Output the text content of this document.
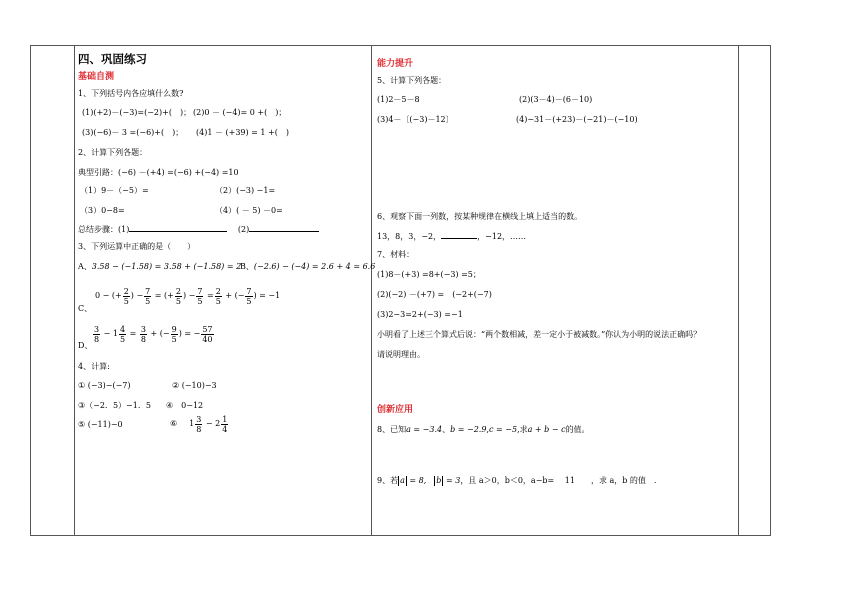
四、巩固练习
基础自测
1、下列括号内各应填什么数?
(1)(+2)－(−3)=(−2)+(　)； (2)0 － (−4)= 0 +(　)；
(3)(−6)－ 3 =(−6)+(　)； (4)1 － (+39) = 1 +(　)
2、计算下列各题：
典型引路：(−6) －(+4) =(−6) +(−4) =10
（1）9－（−5）=	（2）(−3) −1=
（3）0−8=	（4）( － 5) －0=
总结步骤：(1)	(2)
3、下列运算中正确的是（　　）
A、3.58 − (−1.58) = 3.58 + (−1.58) = 2
B、(−2.6) − (−4) = 2.6 + 4 = 6.6
0 − (+ $\frac{2}{5}$ ) − $\frac{7}{5}$ = (+ $\frac{2}{5}$ ) − $\frac{7}{5} = \frac{2}{5}$ + (− $\frac{7}{5}$ ) = −1
C、
$\frac{3}{8} - 1 \frac{4}{5} = \frac{3}{8}$ + (− $\frac{9}{5}$ ) = − $\frac{57}{40}$
D、
4、计算:
① (−3)−(−7)	② (−10)−3
③（−2．5）−1．5 ④　0−12
⑤ (−11)−0	⑥ $1 \frac{3}{8} - 2 \frac{1}{4}$
能力提升
5、计算下列各题：
(1)2－5－8	(2)(3－4)－(6－10)
(3)4－〔(−3)－12〕	(4)−31－(+23)－(−21)－(−10)
6、观察下面一列数，按某种规律在横线上填上适当的数。
13，8，3，−2，	，−12，……
7、材料：
(1)8－(+3) =8+(−3) =5；
(2)(−2) －(+7) =　(−2+(−7)
(3)2−3=2+(−3) =−1
小明看了上述三个算式后说：“两个数相减，差一定小于被减数。”你认为小明的说法正确吗？
请说明理由。
创新应用
8、已知a = −3.4、b = −2.9,c = −5,求a + b − c的值。
9、若 a = 8,　 b = 3，且 a＞0，b＜0，a−b=　 11　　，求 a，b 的值　.
